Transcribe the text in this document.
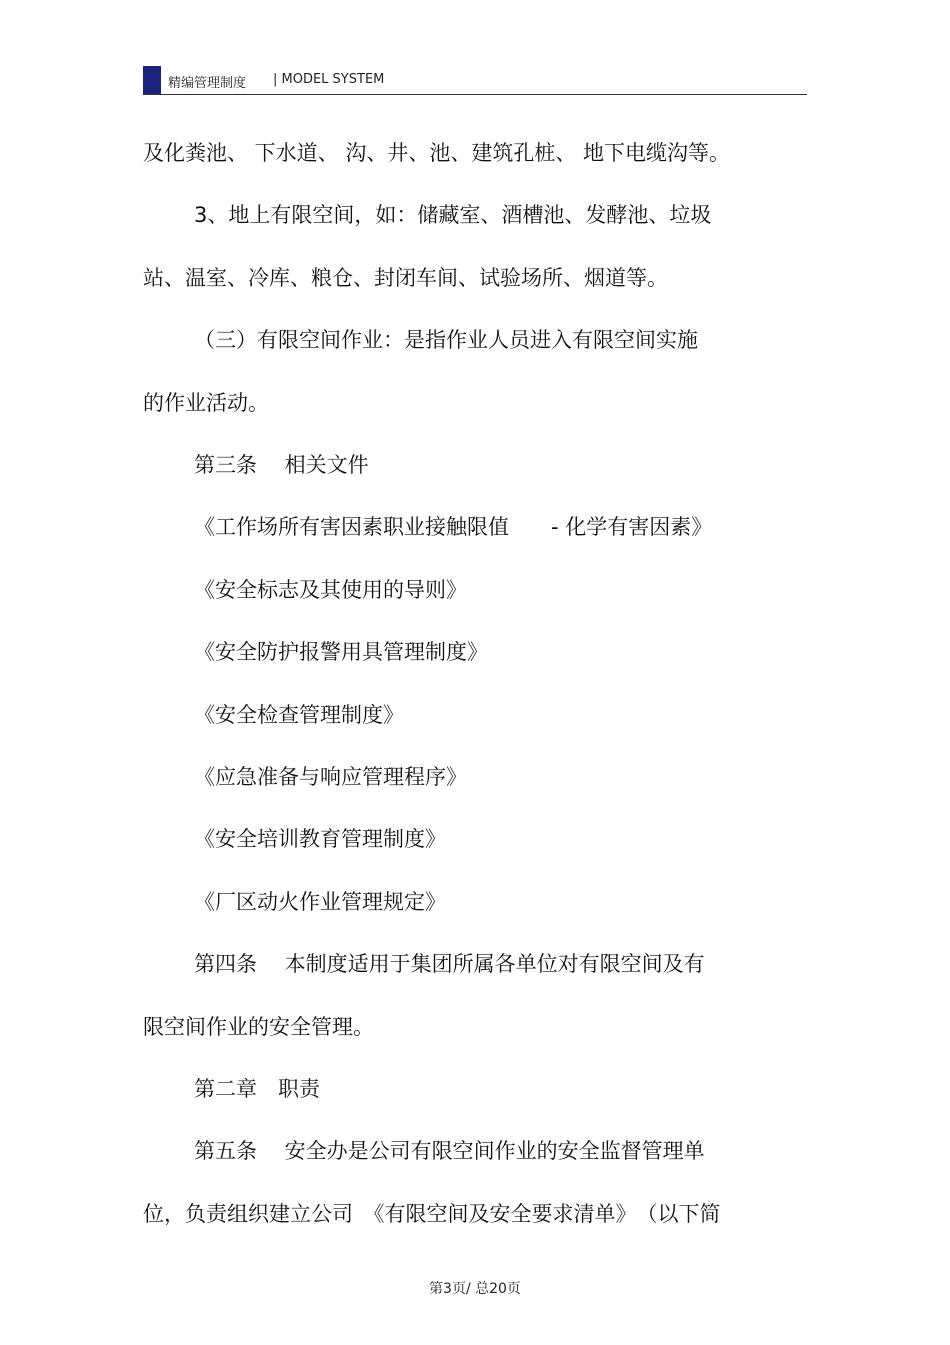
精编管理制度 | MODEL SYSTEM
及化粪池、 下水道、 沟、井、池、建筑孔桩、 地下电缆沟等。
3、地上有限空间，如：储藏室、酒槽池、发酵池、垃圾
站、温室、冷库、粮仓、封闭车间、试验场所、烟道等。
（三）有限空间作业：是指作业人员进入有限空间实施
的作业活动。
第三条　 相关文件
《工作场所有害因素职业接触限值　　- 化学有害因素》
《安全标志及其使用的导则》
《安全防护报警用具管理制度》
《安全检查管理制度》
《应急准备与响应管理程序》
《安全培训教育管理制度》
《厂区动火作业管理规定》
第四条　 本制度适用于集团所属各单位对有限空间及有
限空间作业的安全管理。
第二章　职责
第五条　 安全办是公司有限空间作业的安全监督管理单
位，负责组织建立公司　《有限空间及安全要求清单》　（以下简
第3页/ 总20页
